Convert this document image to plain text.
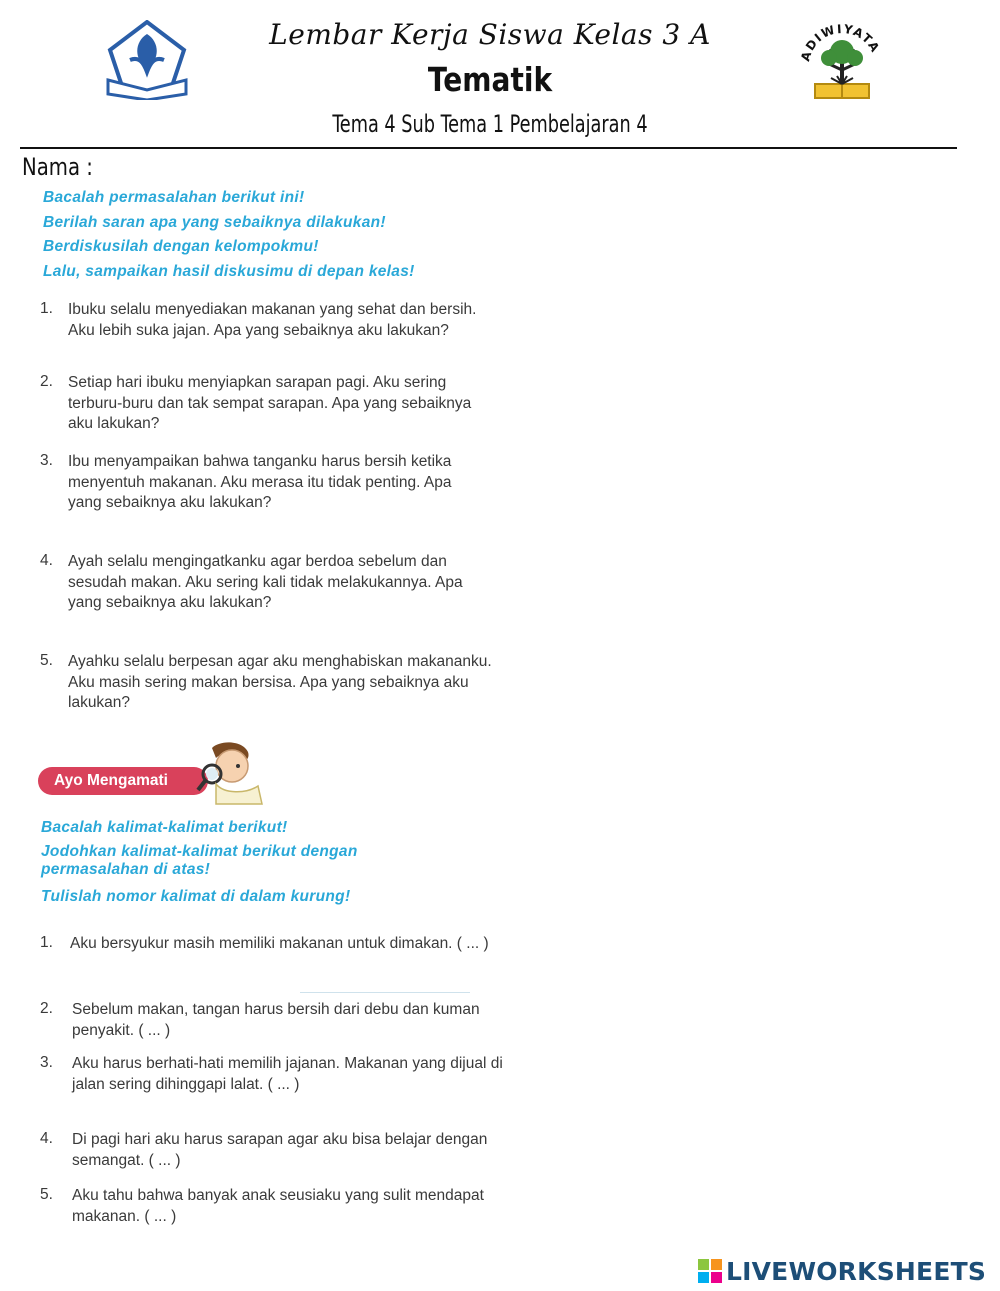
Lembar Kerja Siswa Kelas 3 A
Tematik
Tema 4 Sub Tema 1 Pembelajaran 4
ADIWIYATA
Nama :
Bacalah permasalahan berikut ini!
Berilah saran apa yang sebaiknya dilakukan!
Berdiskusilah dengan kelompokmu!
Lalu, sampaikan hasil diskusimu di depan kelas!
1. Ibuku selalu menyediakan makanan yang sehat dan bersih. Aku lebih suka jajan. Apa yang sebaiknya aku lakukan?
2. Setiap hari ibuku menyiapkan sarapan pagi. Aku sering terburu-buru dan tak sempat sarapan. Apa yang sebaiknya aku lakukan?
3. Ibu menyampaikan bahwa tanganku harus bersih ketika menyentuh makanan. Aku merasa itu tidak penting. Apa yang sebaiknya aku lakukan?
4. Ayah selalu mengingatkanku agar berdoa sebelum dan sesudah makan. Aku sering kali tidak melakukannya. Apa yang sebaiknya aku lakukan?
5. Ayahku selalu berpesan agar aku menghabiskan makananku. Aku masih sering makan bersisa. Apa yang sebaiknya aku lakukan?
Ayo Mengamati
Bacalah kalimat-kalimat berikut!
Jodohkan kalimat-kalimat berikut dengan
permasalahan di atas!
Tulislah nomor kalimat di dalam kurung!
1.	Aku bersyukur masih memiliki makanan untuk dimakan. ( ... )
2.	Sebelum makan, tangan harus bersih dari debu dan kuman penyakit. ( ... )
3.	Aku harus berhati-hati memilih jajanan. Makanan yang dijual di jalan sering dihinggapi lalat. ( ... )
4.	Di pagi hari aku harus sarapan agar aku bisa belajar dengan semangat. ( ... )
5.	Aku tahu bahwa banyak anak seusiaku yang sulit mendapat makanan. ( ... )
LIVEWORKSHEETS
